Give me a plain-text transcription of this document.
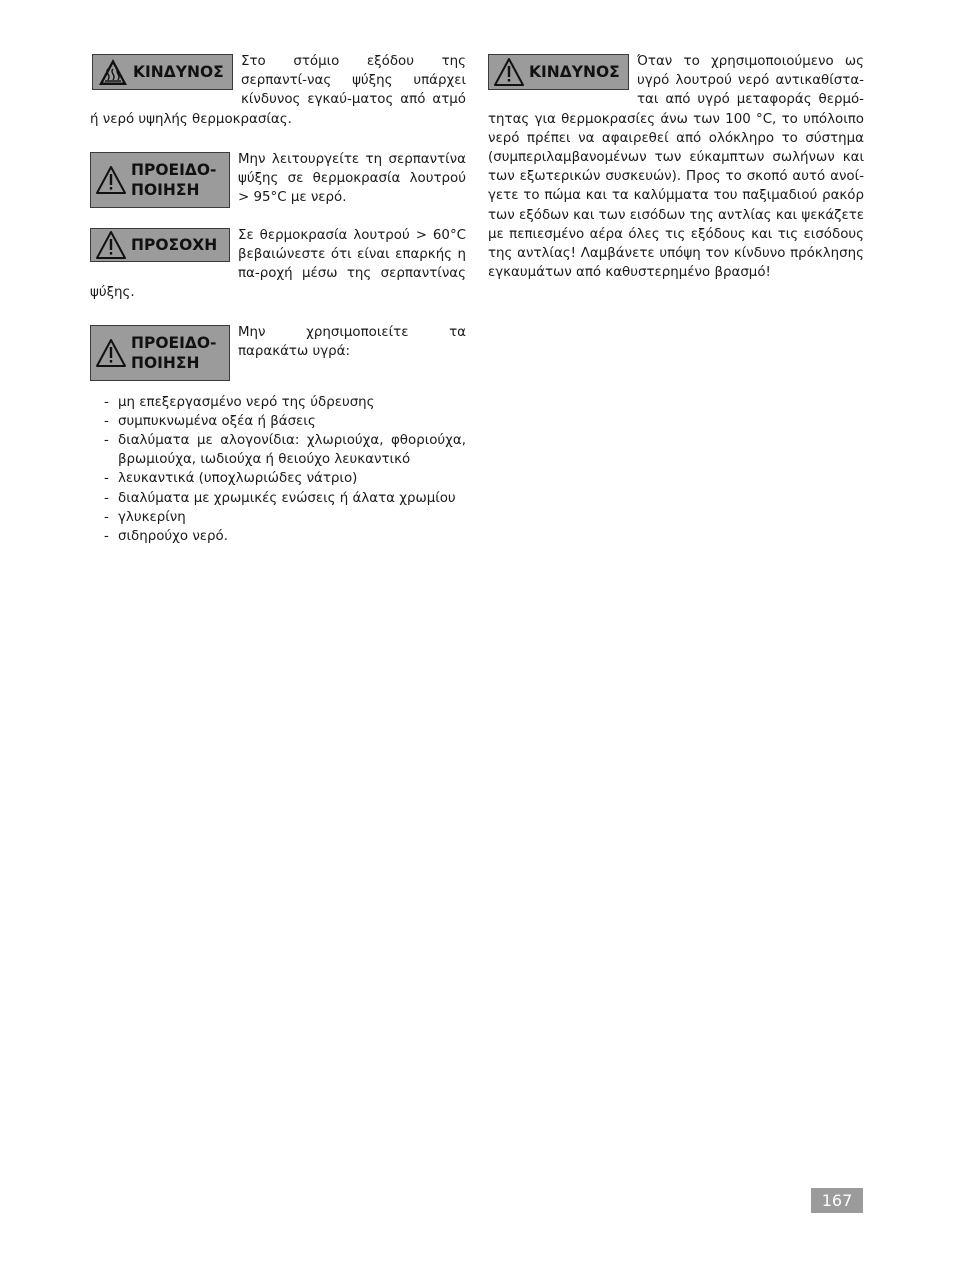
ΚΙΝΔΥΝΟΣ

Στο στόμιο εξόδου της σερπαντί-νας ψύξης υπάρχει κίνδυνος εγκαύ-ματος από ατμό ή νερό υψηλής θερμοκρασίας.

ΠΡΟΕΙΔΟ-
ΠΟΙΗΣΗ

Μην λειτουργείτε τη σερπαντίνα ψύξης σε θερμοκρασία λουτρού > 95°C με νερό.

ΠΡΟΣΟΧΗ

Σε θερμοκρασία λουτρού > 60°C βεβαιώνεστε ότι είναι επαρκής η πα-ροχή μέσω της σερπαντίνας ψύξης.

ΠΡΟΕΙΔΟ-
ΠΟΙΗΣΗ

Μην χρησιμοποιείτε τα παρακάτω υγρά:

- μη επεξεργασμένο νερό της ύδρευσης
- συμπυκνωμένα οξέα ή βάσεις
- διαλύματα με αλογονίδια: χλωριούχα, φθοριούχα, βρωμιούχα, ιωδιούχα ή θειούχο λευκαντικό
- λευκαντικά (υποχλωριώδες νάτριο)
- διαλύματα με χρωμικές ενώσεις ή άλατα χρωμίου
- γλυκερίνη
- σιδηρούχο νερό.
ΚΙΝΔΥΝΟΣ

Όταν το χρησιμοποιούμενο ως υγρό λουτρού νερό αντικαθίστα-ται από υγρό μεταφοράς θερμό-τητας για θερμοκρασίες άνω των 100 °C, το υπόλοιπο νερό πρέπει να αφαιρεθεί από ολόκληρο το σύστημα (συμπεριλαμβανομένων των εύκαμπτων σωλήνων και των εξωτερικών συσκευών). Προς το σκοπό αυτό ανοί-γετε το πώμα και τα καλύμματα του παξιμαδιού ρακόρ των εξόδων και των εισόδων της αντλίας και ψεκάζετε με πεπιεσμένο αέρα όλες τις εξόδους και τις εισόδους της αντλίας! Λαμβάνετε υπόψη τον κίνδυνο πρόκλησης εγκαυμάτων από καθυστερημένο βρασμό!

167
